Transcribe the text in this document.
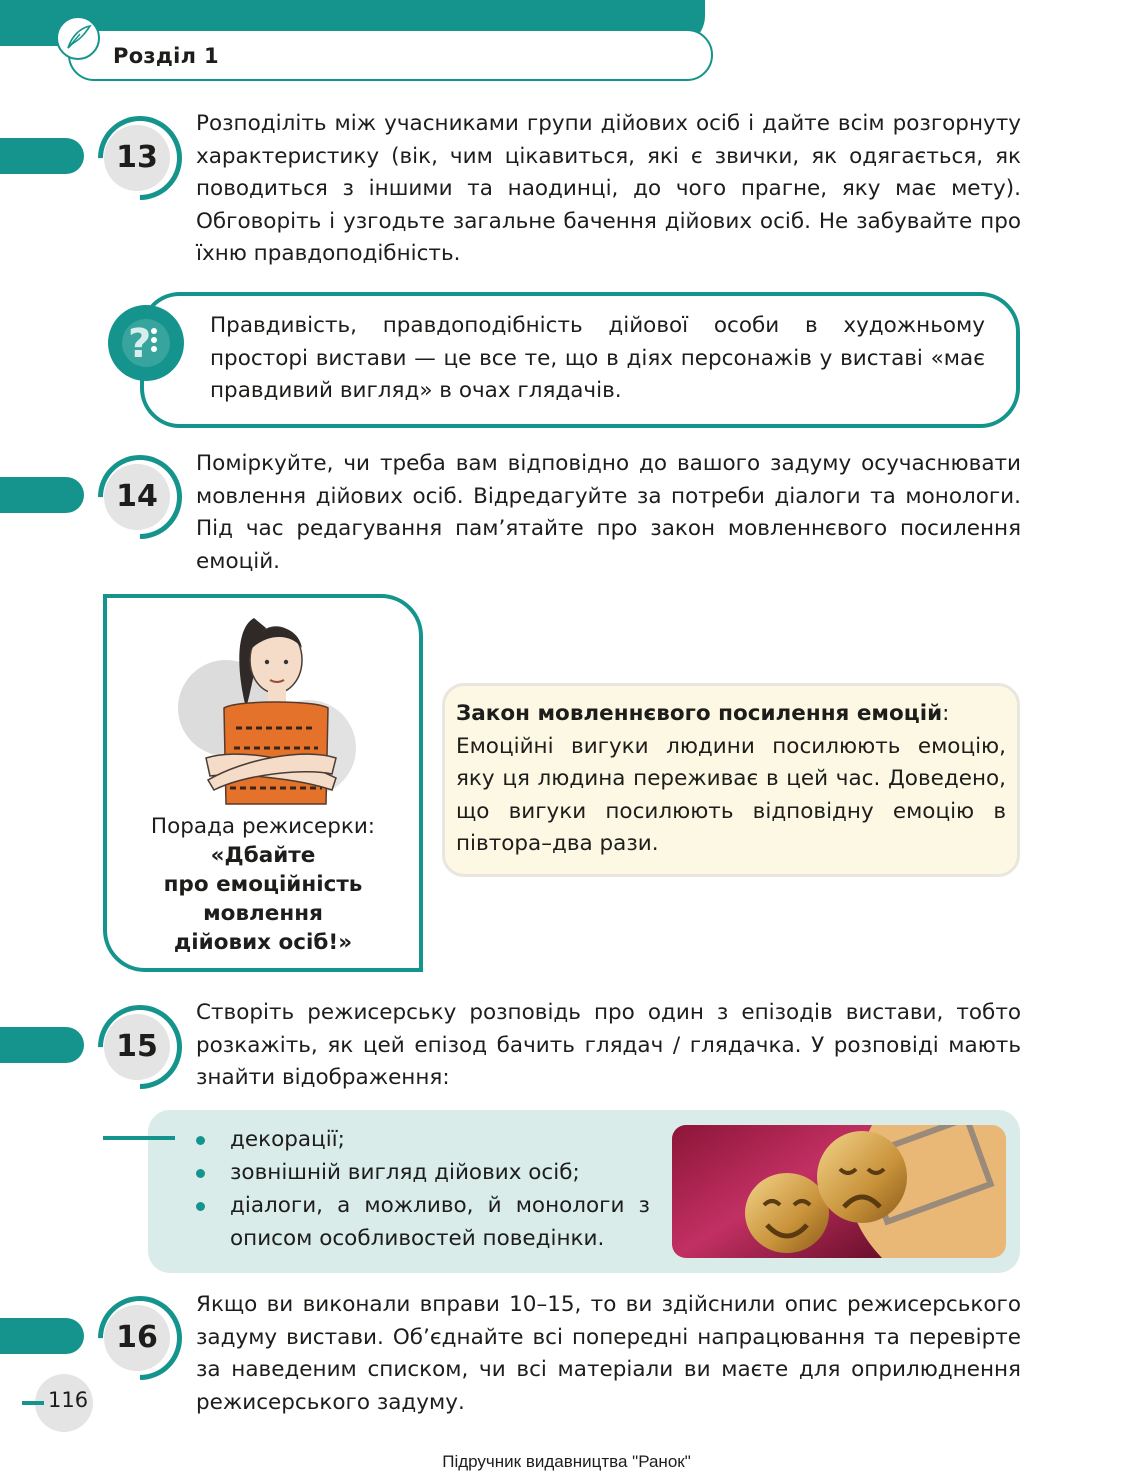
Розділ 1
13
Розподіліть між учасниками групи дійових осіб і дайте всім розгорнуту характеристику (вік, чим цікавиться, які є звички, як одягається, як поводиться з іншими та наодинці, до чого прагне, яку має мету). Обговоріть і узгодьте загальне бачення дійових осіб. Не забувайте про їхню правдоподібність.
?	Правдивість, правдоподібність дійової особи в художньому просторі вистави — це все те, що в діях персонажів у виставі «має правдивий вигляд» в очах глядачів.
14
Поміркуйте, чи треба вам відповідно до вашого задуму осучаснювати мовлення дійових осіб. Відредагуйте за потреби діалоги та монологи. Під час редагування пам’ятайте про закон мовленнєвого посилення емоцій.
Порада режисерки:
«Дбайте
про емоційність
мовлення
дійових осіб!»
Закон мовленнєвого посилення емоцій:
Емоційні вигуки людини посилюють емоцію, яку ця людина переживає в цей час. Доведено, що вигуки посилюють відповідну емоцію в півтора–два рази.
15
Створіть режисерську розповідь про один з епізодів вистави, тобто розкажіть, як цей епізод бачить глядач / глядачка. У розповіді мають знайти відображення:
декорації;
зовнішній вигляд дійових осіб;
діалоги, а можливо, й монологи з описом особливостей поведінки.
16
Якщо ви виконали вправи 10–15, то ви здійснили опис режисерського задуму вистави. Об’єднайте всі попередні напрацювання та перевірте за наведеним списком, чи всі матеріали ви маєте для оприлюднення режисерського задуму.
116
Підручник видавництва "Ранок"
